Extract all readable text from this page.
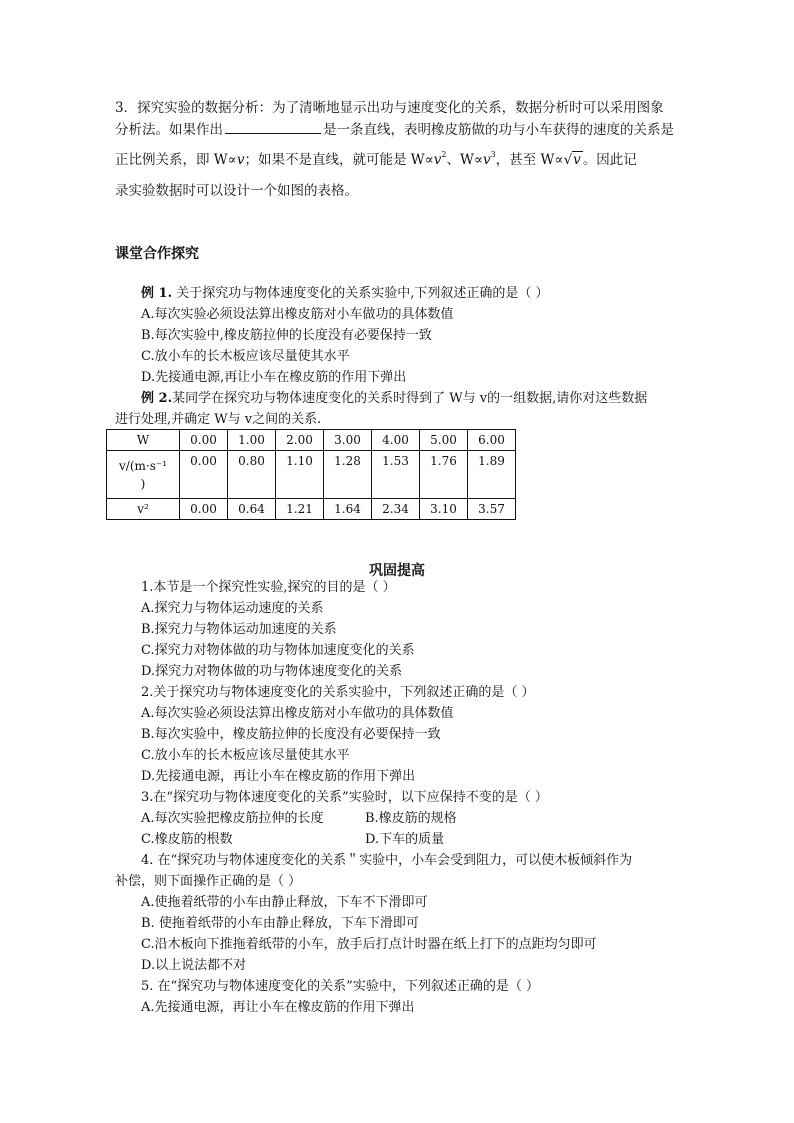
3．探究实验的数据分析：为了清晰地显示出功与速度变化的关系，数据分析时可以采用图象
分析法。如果作出	是一条直线，表明橡皮筋做的功与小车获得的速度的关系是
正比例关系，即 W∝v；如果不是直线，就可能是 $W\propto v^2$、$W\propto v^3$，甚至 W∝√v 。因此记
录实验数据时可以设计一个如图的表格。
课堂合作探究
例 1. 关于探究功与物体速度变化的关系实验中,下列叙述正确的是（ ）
A.每次实验必须设法算出橡皮筋对小车做功的具体数值
B.每次实验中,橡皮筋拉伸的长度没有必要保持一致
C.放小车的长木板应该尽量使其水平
D.先接通电源,再让小车在橡皮筋的作用下弹出
例 2.某同学在探究功与物体速度变化的关系时得到了 W与 v的一组数据,请你对这些数据
进行处理,并确定 W与 v之间的关系.
W	0.00	1.00	2.00	3.00	4.00	5.00	6.00
v/(m·s⁻¹
)	0.00	0.80	1.10	1.28	1.53	1.76	1.89
v²	0.00	0.64	1.21	1.64	2.34	3.10	3.57
巩固提高
1.本节是一个探究性实验,探究的目的是（ ）
A.探究力与物体运动速度的关系
B.探究力与物体运动加速度的关系
C.探究力对物体做的功与物体加速度变化的关系
D.探究力对物体做的功与物体速度变化的关系
2.关于探究功与物体速度变化的关系实验中，下列叙述正确的是（ ）
A.每次实验必须设法算出橡皮筋对小车做功的具体数值
B.每次实验中，橡皮筋拉伸的长度没有必要保持一致
C.放小车的长木板应该尽量使其水平
D.先接通电源，再让小车在橡皮筋的作用下弹出
3.在“探究功与物体速度变化的关系”实验时，以下应保持不变的是（ ）
A.每次实验把橡皮筋拉伸的长度	B.橡皮筋的规格
C.橡皮筋的根数	D.下车的质量
4. 在“探究功与物体速度变化的关系＂实验中，小车会受到阻力，可以使木板倾斜作为
补偿，则下面操作正确的是（ ）
A.使拖着纸带的小车由静止释放，下车不下滑即可
B. 使拖着纸带的小车由静止释放，下车下滑即可
C.沿木板向下推拖着纸带的小车，放手后打点计时器在纸上打下的点距均匀即可
D.以上说法都不对
5. 在“探究功与物体速度变化的关系”实验中，下列叙述正确的是（ ）
A.先接通电源，再让小车在橡皮筋的作用下弹出
